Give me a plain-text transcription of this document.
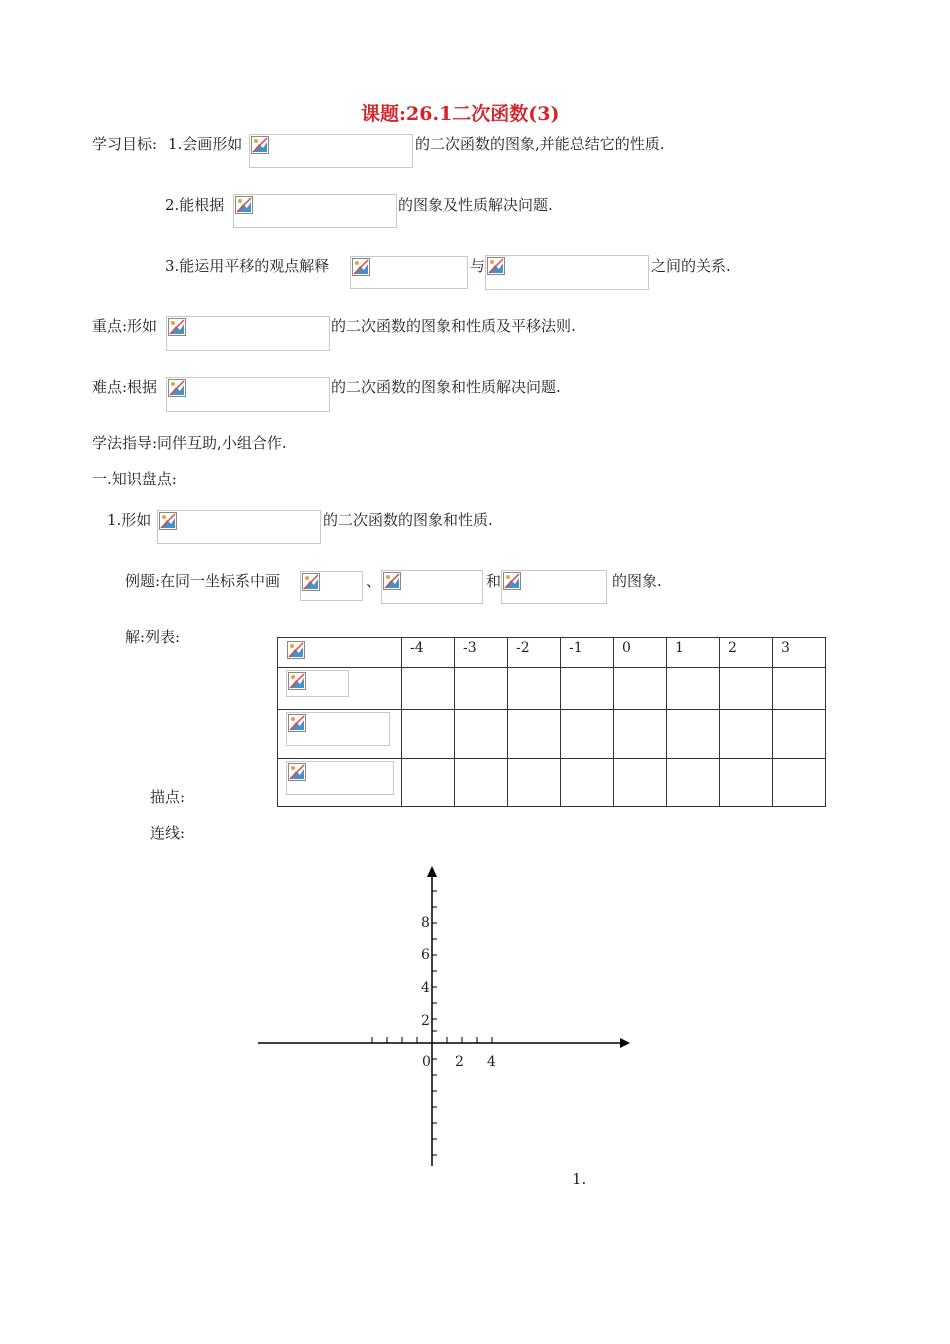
课题:26.1二次函数(3)
学习目标: 1.会画形如	的二次函数的图象,并能总结它的性质.
2.能根据	的图象及性质解决问题.
3.能运用平移的观点解释	与	之间的关系.
重点:形如	的二次函数的图象和性质及平移法则.
难点:根据	的二次函数的图象和性质解决问题.
学法指导:同伴互助,小组合作.
一.知识盘点:
1.形如	的二次函数的图象和性质.
例题:在同一坐标系中画	、	和	的图象.
解:列表:

-4	-3	-2	-1	0	1	2	3

描点:
连线:
8
6
4
2
0 2 4
1.
